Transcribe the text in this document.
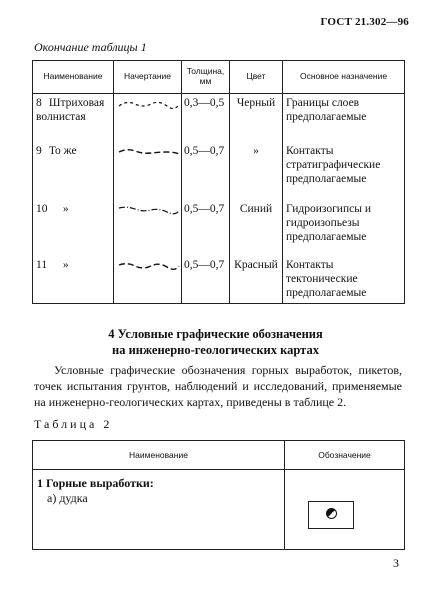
ГОСТ 21.302—96
Окончание таблицы 1
Наименование	Начертание	Толщина, мм	Цвет	Основное назначение
8 Штриховая волнистая		0,3—0,5	Черный	Границы слоев предполагаемые
9 То же		0,5—0,7	»	Контакты стратиграфические предполагаемые
10 »		0,5—0,7	Синий	Гидроизогипсы и гидроизопьезы предполагаемые
11 »		0,5—0,7	Красный	Контакты тектонические предполагаемые
4 Условные графические обозначения
на инженерно-геологических картах
Условные графические обозначения горных выработок, пикетов, точек испытания грунтов, наблюдений и исследований, применяемые на инженерно-геологических картах, приведены в таблице 2.
Таблица 2
Наименование	Обозначение

1 Горные выработки:
а) дудка	

3
